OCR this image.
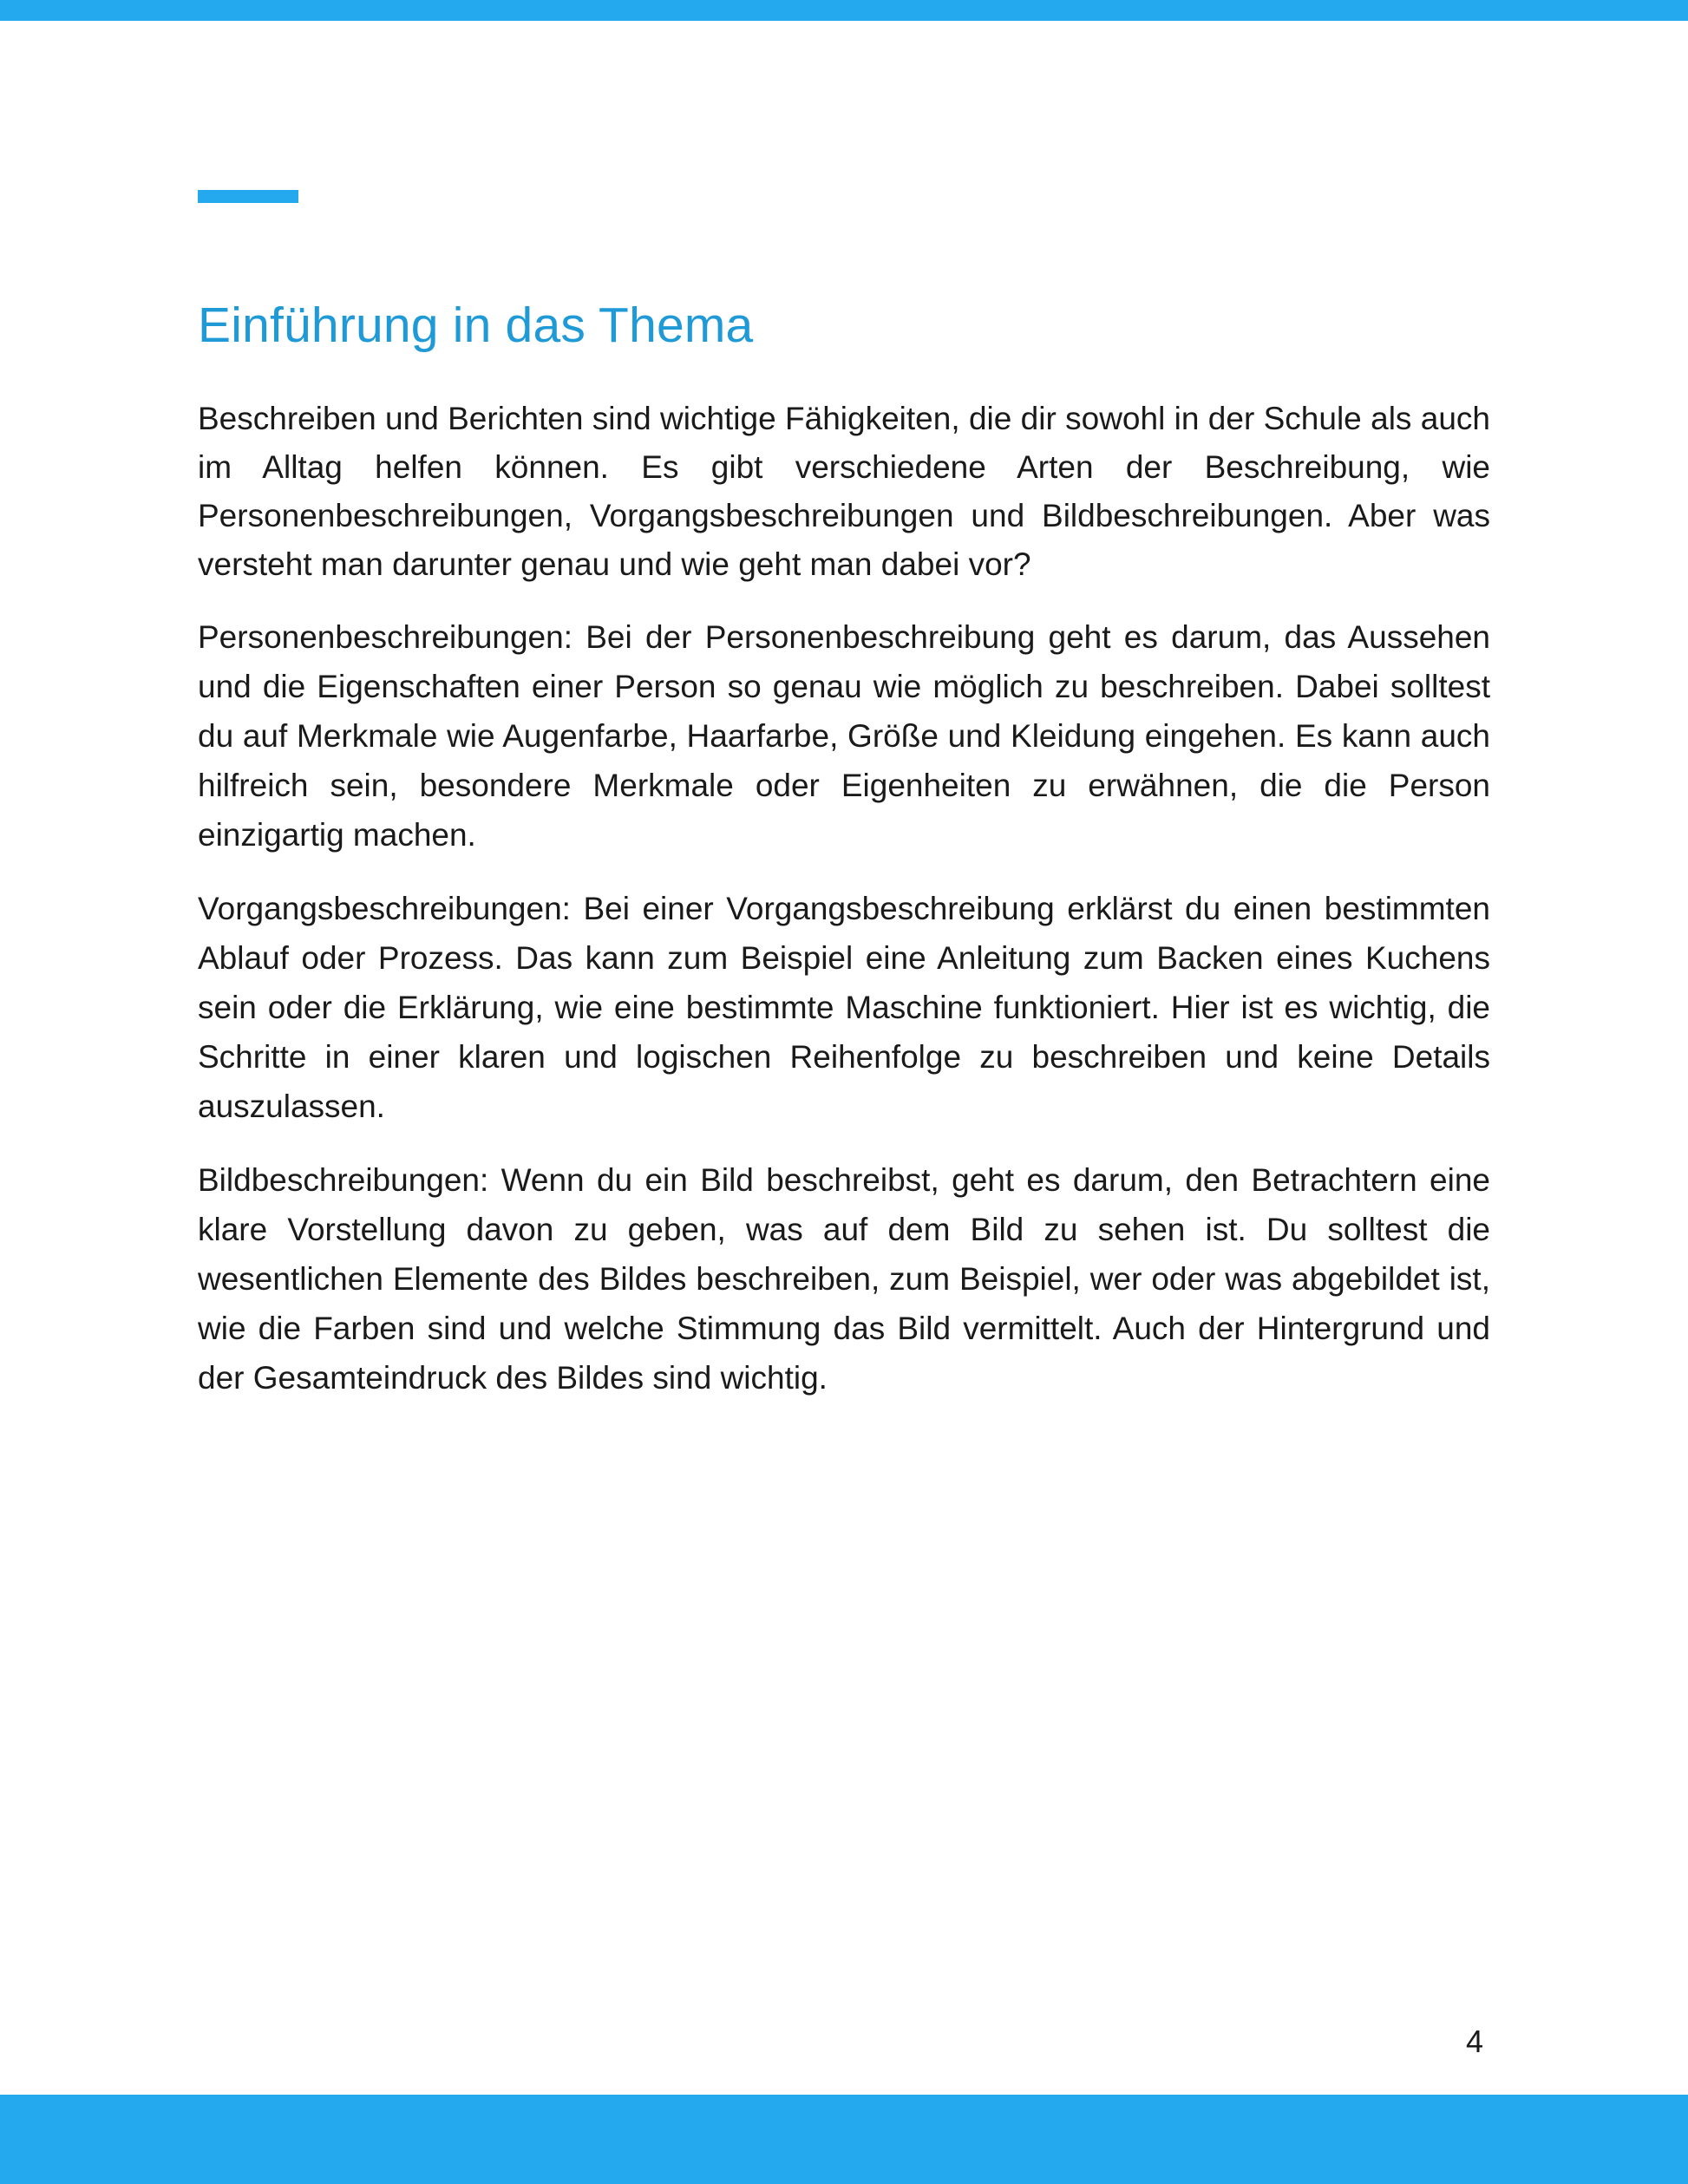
Einführung in das Thema

Beschreiben und Berichten sind wichtige Fähigkeiten, die dir sowohl in der Schule als auch im Alltag helfen können. Es gibt verschiedene Arten der Beschreibung, wie Personenbeschreibungen, Vorgangsbeschreibungen und Bildbeschreibungen. Aber was versteht man darunter genau und wie geht man dabei vor?

Personenbeschreibungen: Bei der Personenbeschreibung geht es darum, das Aussehen und die Eigenschaften einer Person so genau wie möglich zu beschreiben. Dabei solltest du auf Merkmale wie Augenfarbe, Haarfarbe, Größe und Kleidung eingehen. Es kann auch hilfreich sein, besondere Merkmale oder Eigenheiten zu erwähnen, die die Person einzigartig machen.

Vorgangsbeschreibungen: Bei einer Vorgangsbeschreibung erklärst du einen bestimmten Ablauf oder Prozess. Das kann zum Beispiel eine Anleitung zum Backen eines Kuchens sein oder die Erklärung, wie eine bestimmte Maschine funktioniert. Hier ist es wichtig, die Schritte in einer klaren und logischen Reihenfolge zu beschreiben und keine Details auszulassen.

Bildbeschreibungen: Wenn du ein Bild beschreibst, geht es darum, den Betrachtern eine klare Vorstellung davon zu geben, was auf dem Bild zu sehen ist. Du solltest die wesentlichen Elemente des Bildes beschreiben, zum Beispiel, wer oder was abgebildet ist, wie die Farben sind und welche Stimmung das Bild vermittelt. Auch der Hintergrund und der Gesamteindruck des Bildes sind wichtig.

4
